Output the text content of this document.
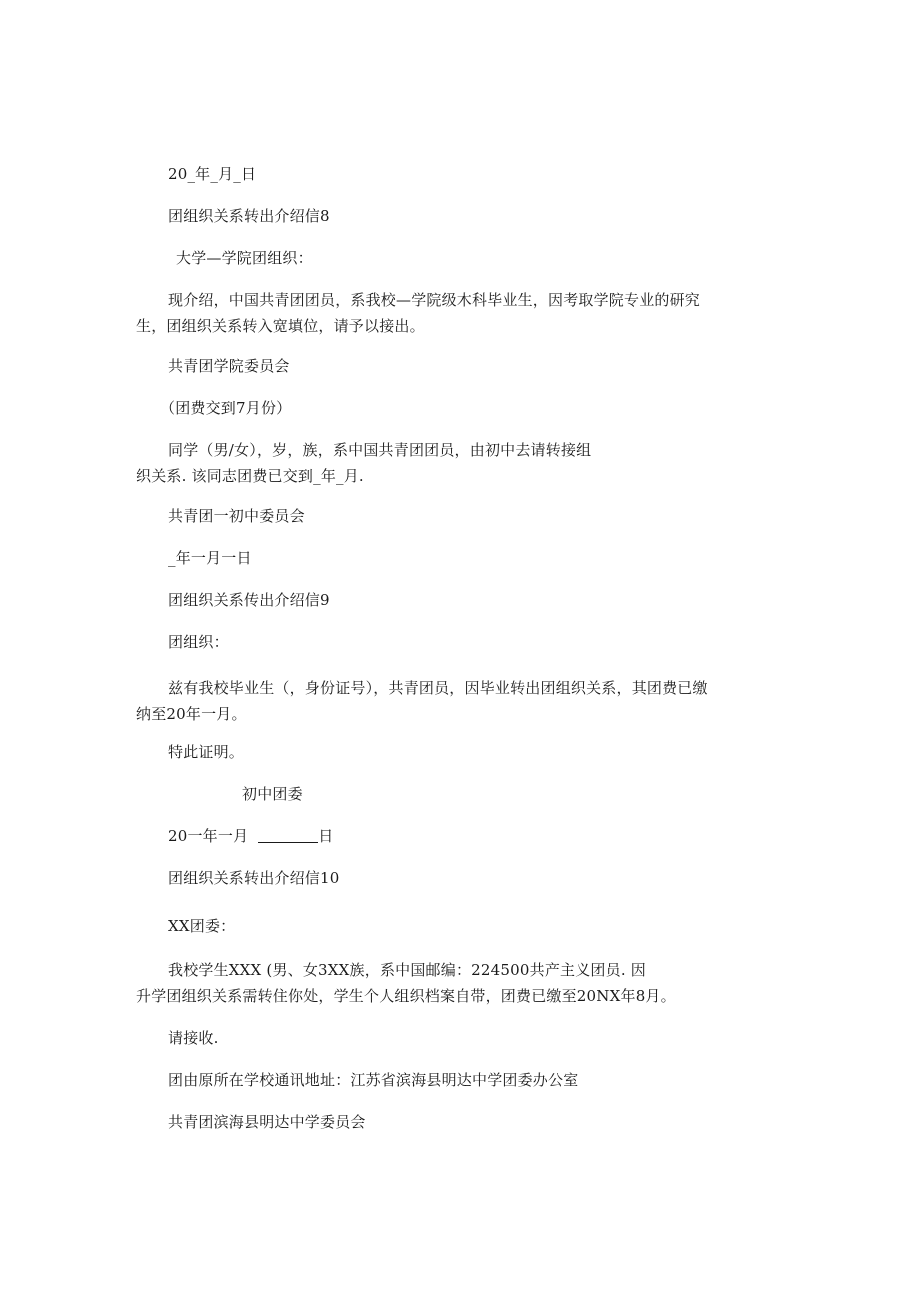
20_年_月_日
团组织关系转出介绍信8
大学—学院团组织：
现介绍，中国共青团团员，系我校—学院级木科毕业生，因考取学院专业的研究
生，团组织关系转入宽填位，请予以接出。
共青团学院委员会
（团费交到7月份）
同学（男/女），岁，族，系中国共青团团员，由初中去请转接组
织关系. 该同志团费已交到_年_月.
共青团一初中委员会
_年一月一日
团组织关系传出介绍信9
团组织：
兹有我校毕业生（，身份证号），共青团员，因毕业转出团组织关系，其团费已缴
纳至20年一月。
特此证明。
初中团委
20一年一月	日
团组织关系转出介绍信10
XX团委：
我校学生XXX (男、女3XX族，系中国邮编：224500共产主义团员. 因
升学团组织关系需转住你处，学生个人组织档案自带，团费已缴至20NX年8月。
请接收.
团由原所在学校通讯地址：江苏省滨海县明达中学团委办公室
共青团滨海县明达中学委员会
